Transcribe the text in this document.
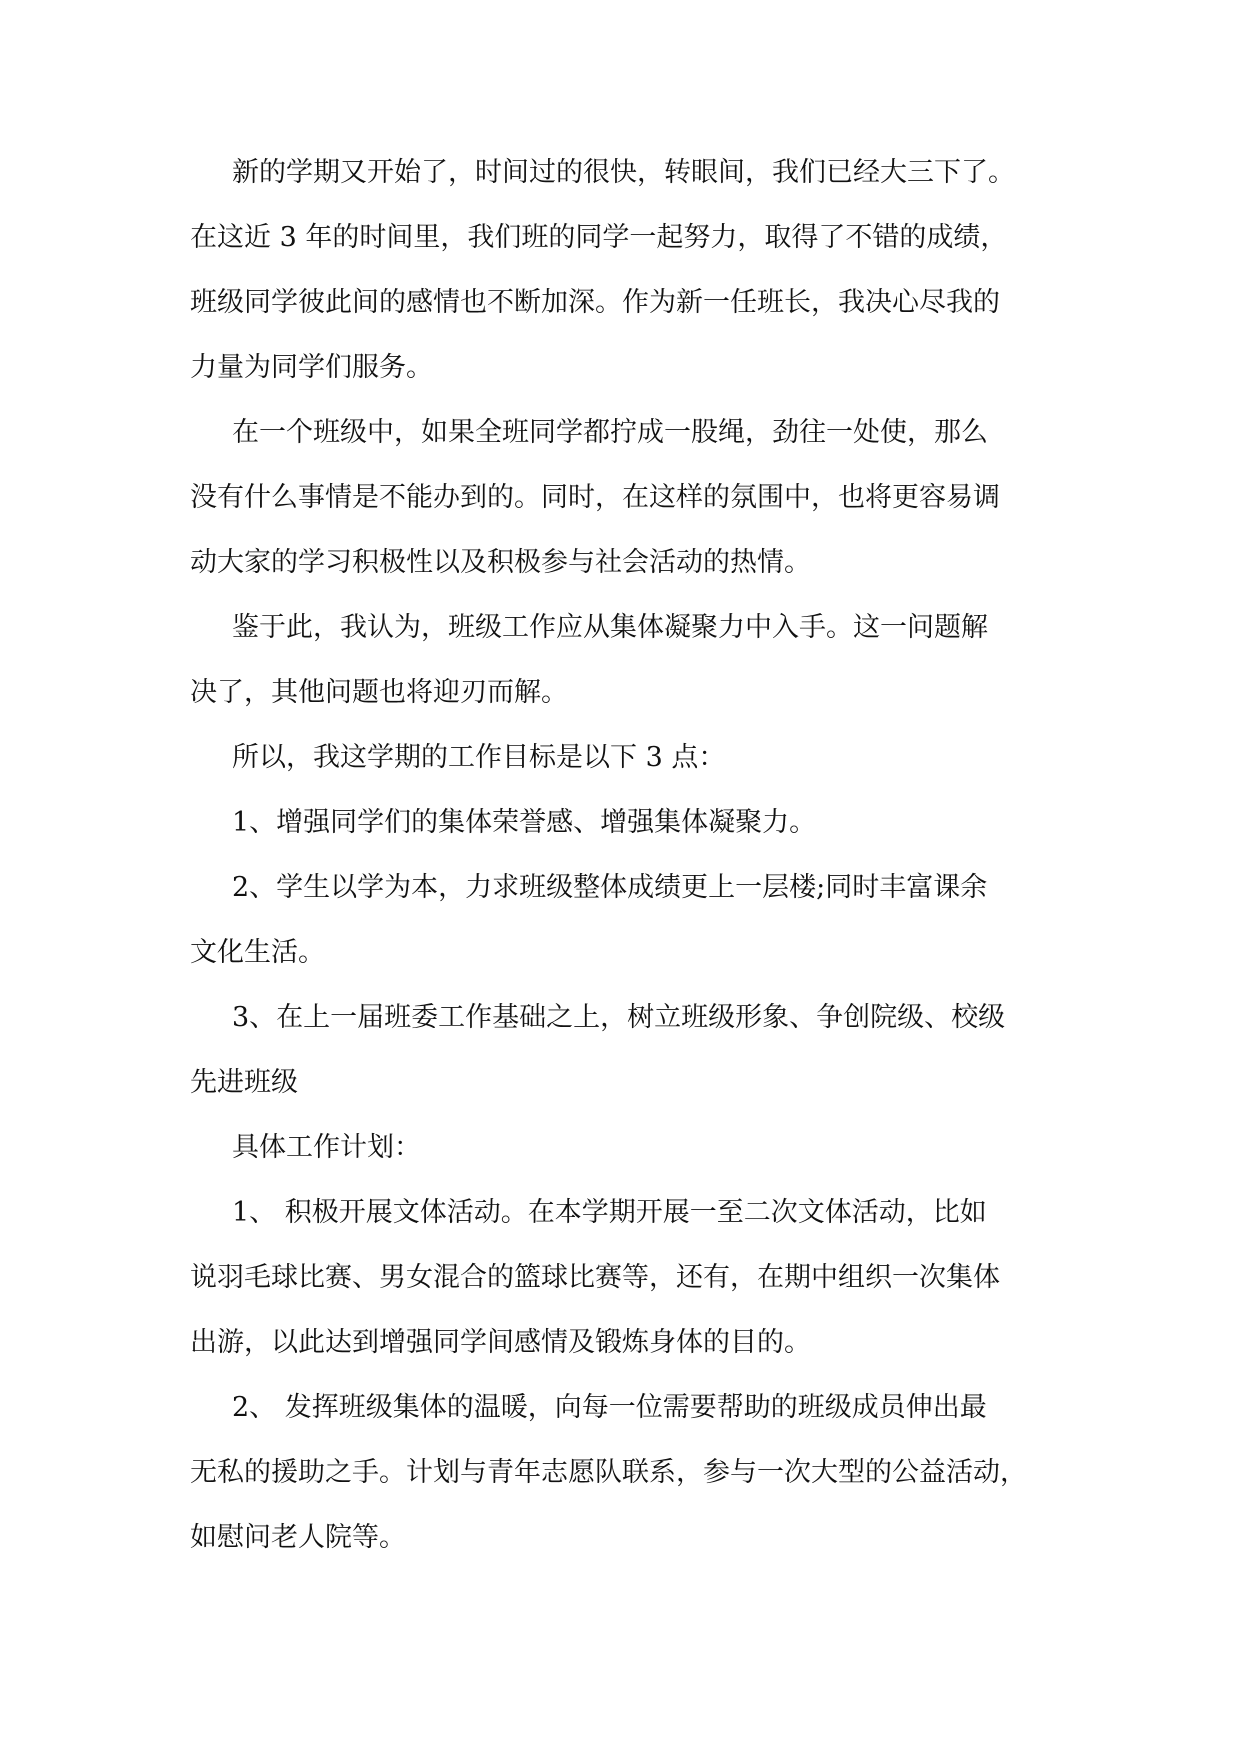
新的学期又开始了，时间过的很快，转眼间，我们已经大三下了。
在这近 3 年的时间里，我们班的同学一起努力，取得了不错的成绩，
班级同学彼此间的感情也不断加深。作为新一任班长，我决心尽我的
力量为同学们服务。
在一个班级中，如果全班同学都拧成一股绳，劲往一处使，那么
没有什么事情是不能办到的。同时，在这样的氛围中，也将更容易调
动大家的学习积极性以及积极参与社会活动的热情。
鉴于此，我认为，班级工作应从集体凝聚力中入手。这一问题解
决了，其他问题也将迎刃而解。
所以，我这学期的工作目标是以下 3 点：
1、增强同学们的集体荣誉感、增强集体凝聚力。
2、学生以学为本，力求班级整体成绩更上一层楼;同时丰富课余
文化生活。
3、在上一届班委工作基础之上，树立班级形象、争创院级、校级
先进班级
具体工作计划：
1、 积极开展文体活动。在本学期开展一至二次文体活动，比如
说羽毛球比赛、男女混合的篮球比赛等，还有，在期中组织一次集体
出游，以此达到增强同学间感情及锻炼身体的目的。
2、 发挥班级集体的温暖，向每一位需要帮助的班级成员伸出最
无私的援助之手。计划与青年志愿队联系，参与一次大型的公益活动，
如慰问老人院等。
